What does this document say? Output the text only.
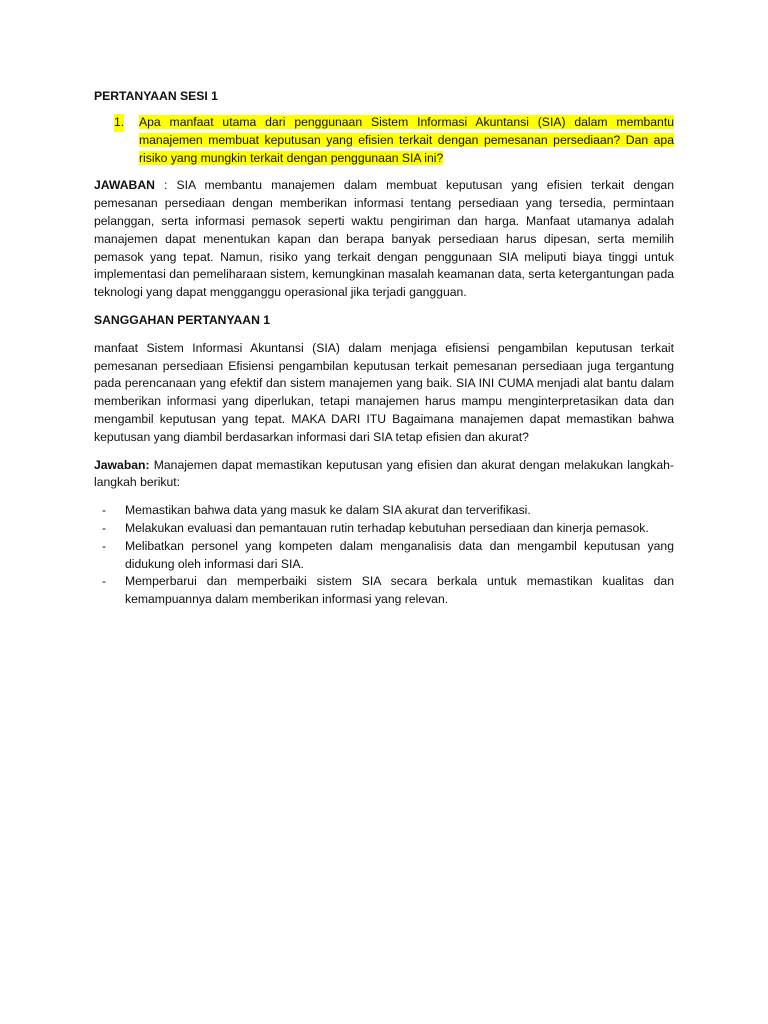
PERTANYAAN SESI 1

1. Apa manfaat utama dari penggunaan Sistem Informasi Akuntansi (SIA) dalam membantu manajemen membuat keputusan yang efisien terkait dengan pemesanan persediaan? Dan apa risiko yang mungkin terkait dengan penggunaan SIA ini?

JAWABAN : SIA membantu manajemen dalam membuat keputusan yang efisien terkait dengan pemesanan persediaan dengan memberikan informasi tentang persediaan yang tersedia, permintaan pelanggan, serta informasi pemasok seperti waktu pengiriman dan harga. Manfaat utamanya adalah manajemen dapat menentukan kapan dan berapa banyak persediaan harus dipesan, serta memilih pemasok yang tepat. Namun, risiko yang terkait dengan penggunaan SIA meliputi biaya tinggi untuk implementasi dan pemeliharaan sistem, kemungkinan masalah keamanan data, serta ketergantungan pada teknologi yang dapat mengganggu operasional jika terjadi gangguan.

SANGGAHAN PERTANYAAN 1

manfaat Sistem Informasi Akuntansi (SIA) dalam menjaga efisiensi pengambilan keputusan terkait pemesanan persediaan Efisiensi pengambilan keputusan terkait pemesanan persediaan juga tergantung pada perencanaan yang efektif dan sistem manajemen yang baik. SIA INI CUMA menjadi alat bantu dalam memberikan informasi yang diperlukan, tetapi manajemen harus mampu menginterpretasikan data dan mengambil keputusan yang tepat. MAKA DARI ITU Bagaimana manajemen dapat memastikan bahwa keputusan yang diambil berdasarkan informasi dari SIA tetap efisien dan akurat?

Jawaban: Manajemen dapat memastikan keputusan yang efisien dan akurat dengan melakukan langkah-langkah berikut:

- Memastikan bahwa data yang masuk ke dalam SIA akurat dan terverifikasi.
- Melakukan evaluasi dan pemantauan rutin terhadap kebutuhan persediaan dan kinerja pemasok.
- Melibatkan personel yang kompeten dalam menganalisis data dan mengambil keputusan yang didukung oleh informasi dari SIA.
- Memperbarui dan memperbaiki sistem SIA secara berkala untuk memastikan kualitas dan kemampuannya dalam memberikan informasi yang relevan.
